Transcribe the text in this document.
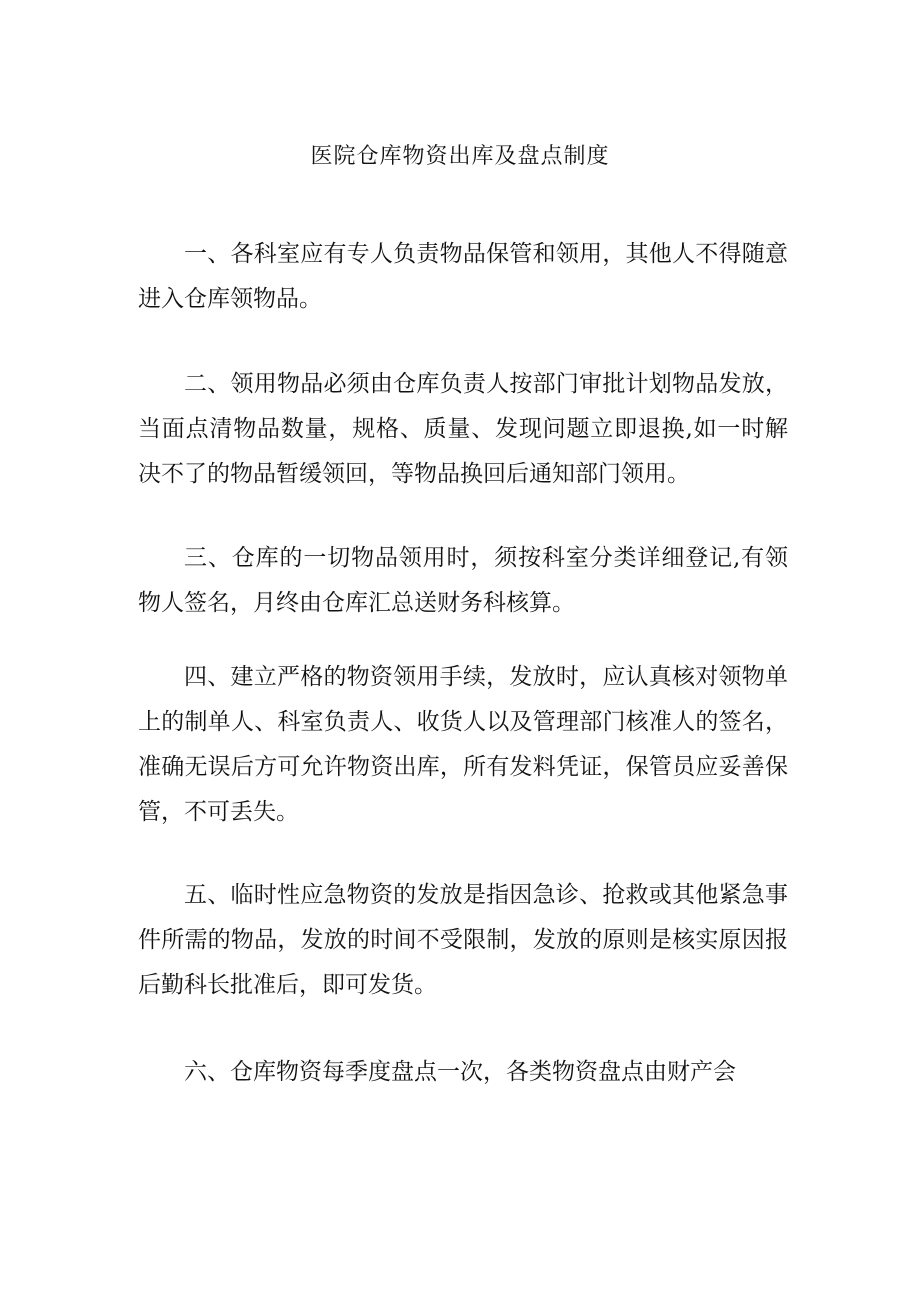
医院仓库物资出库及盘点制度

一、各科室应有专人负责物品保管和领用，其他人不得随意进入仓库领物品。

二、领用物品必须由仓库负责人按部门审批计划物品发放，当面点清物品数量，规格、质量、发现问题立即退换,如一时解决不了的物品暂缓领回，等物品换回后通知部门领用。

三、仓库的一切物品领用时，须按科室分类详细登记,有领物人签名，月终由仓库汇总送财务科核算。

四、建立严格的物资领用手续，发放时，应认真核对领物单上的制单人、科室负责人、收货人以及管理部门核准人的签名，准确无误后方可允许物资出库，所有发料凭证，保管员应妥善保管，不可丢失。

五、临时性应急物资的发放是指因急诊、抢救或其他紧急事件所需的物品，发放的时间不受限制，发放的原则是核实原因报后勤科长批准后，即可发货。

六、仓库物资每季度盘点一次，各类物资盘点由财产会
